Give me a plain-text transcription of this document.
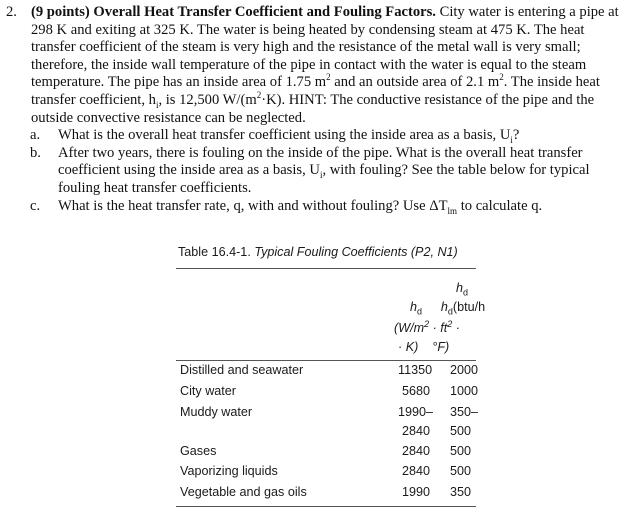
2. (9 points) Overall Heat Transfer Coefficient and Fouling Factors. City water is entering a pipe at 298 K and exiting at 325 K. The water is being heated by condensing steam at 475 K. The heat transfer coefficient of the steam is very high and the resistance of the metal wall is very small; therefore, the inside wall temperature of the pipe in contact with the water is equal to the steam temperature. The pipe has an inside area of 1.75 $m^2$ and an outside area of 2.1 $m^2$. The inside heat transfer coefficient, $h_i$, is 12,500 $W/(m^2\cdot K)$. HINT: The conductive resistance of the pipe and the outside convective resistance can be neglected.
a.	What is the overall heat transfer coefficient using the inside area as a basis, $U_i$?
b.	After two years, there is fouling on the inside of the pipe. What is the overall heat transfer coefficient using the inside area as a basis, $U_i$, with fouling? See the table below for typical fouling heat transfer coefficients.
c.	What is the heat transfer rate, q, with and without fouling? Use $\Delta T_{lm}$ to calculate q.
Table 16.4-1. Typical Fouling Coefficients (P2, N1)
$h_d$
$h_d$	$h_d(btu/h$
($W/m^2 \cdot ft^2$ ·
· K) °F)
Distilled and seawater	11350 2000
City water	5680 1000
Muddy water	1990– 350–
2840 500
Gases	2840 500
Vaporizing liquids	2840 500
Vegetable and gas oils	1990 350
